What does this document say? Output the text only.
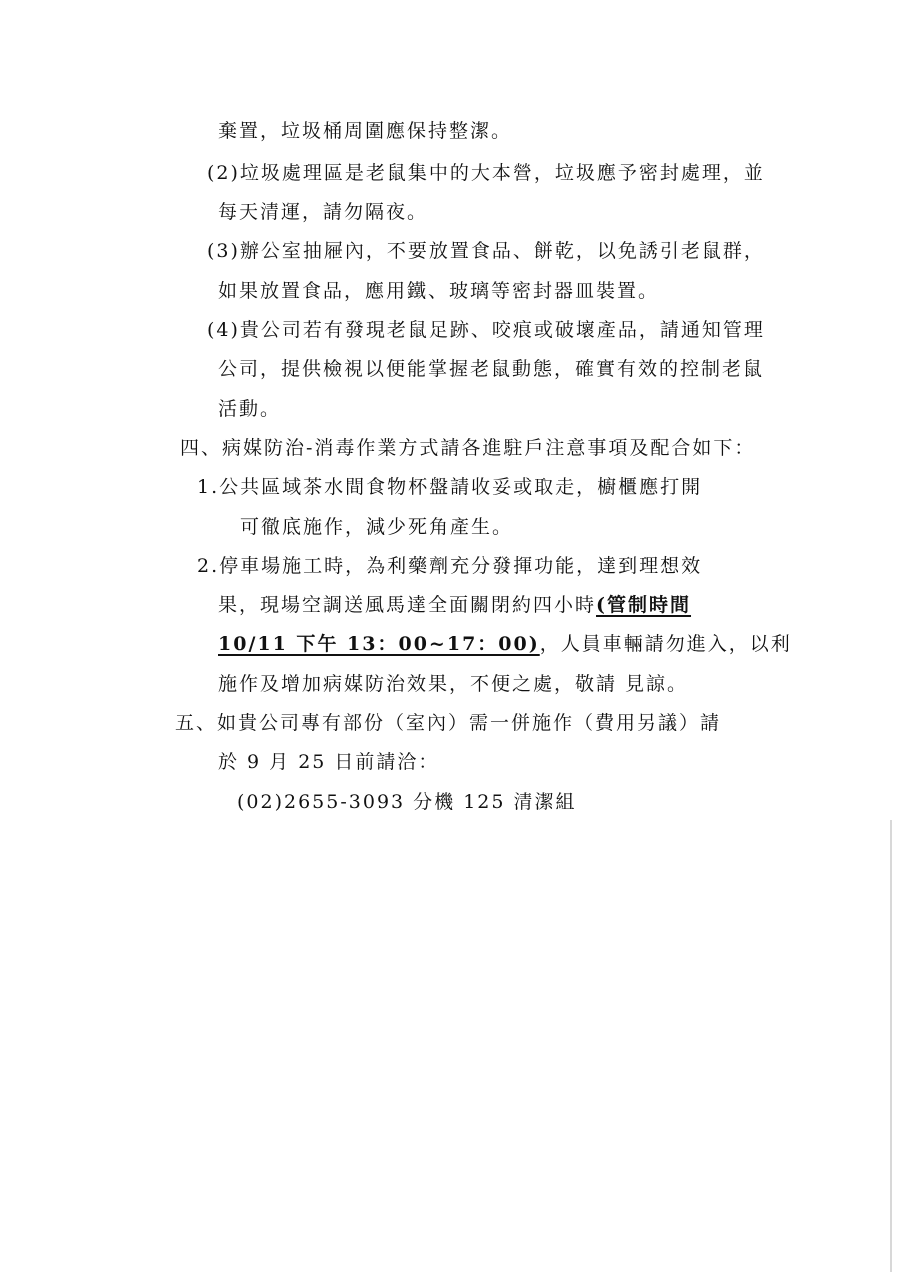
棄置，垃圾桶周圍應保持整潔。
(2)垃圾處理區是老鼠集中的大本營，垃圾應予密封處理，並
每天清運，請勿隔夜。
(3)辦公室抽屜內，不要放置食品、餅乾，以免誘引老鼠群，
如果放置食品，應用鐵、玻璃等密封器皿裝置。
(4)貴公司若有發現老鼠足跡、咬痕或破壞產品，請通知管理
公司，提供檢視以便能掌握老鼠動態，確實有效的控制老鼠
活動。
四、病媒防治-消毒作業方式請各進駐戶注意事項及配合如下：
1.公共區域茶水間食物杯盤請收妥或取走，櫥櫃應打開
可徹底施作，減少死角產生。
2.停車場施工時，為利藥劑充分發揮功能，達到理想效
果，現場空調送風馬達全面關閉約四小時(管制時間
10/11 下午 13：00~17：00)，人員車輛請勿進入，以利
施作及增加病媒防治效果，不便之處，敬請 見諒。
五、如貴公司專有部份（室內）需一併施作（費用另議）請
於 9 月 25 日前請洽：
(02)2655-3093 分機 125 清潔組
